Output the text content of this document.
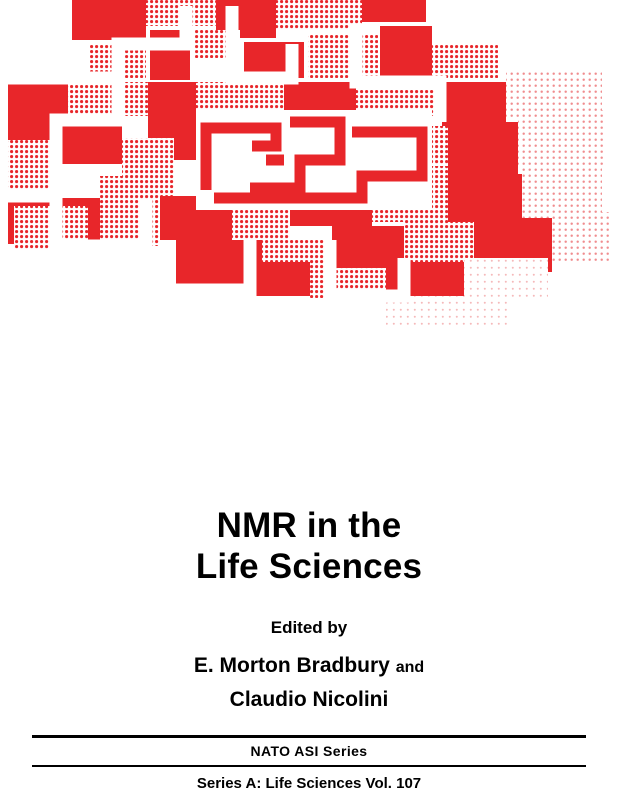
NMR in the
Life Sciences
Edited by
E. Morton Bradbury and
Claudio Nicolini
NATO ASI Series
Series A: Life Sciences Vol. 107
